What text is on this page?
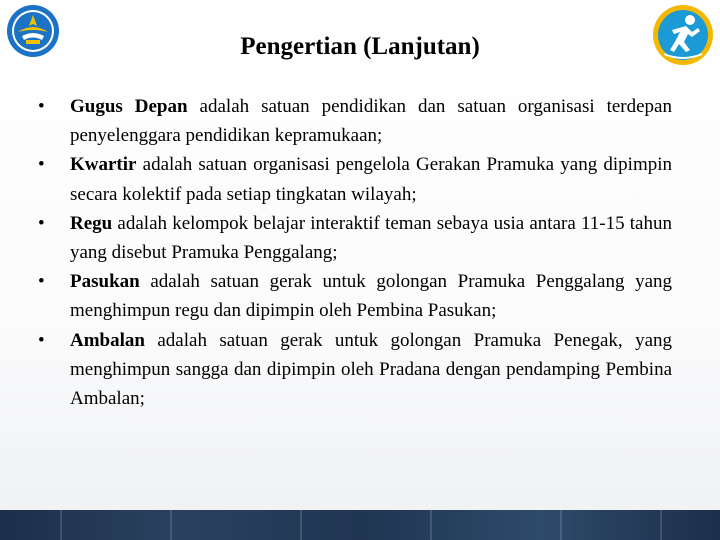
Pengertian (Lanjutan)
•	Gugus Depan adalah satuan pendidikan dan satuan organisasi terdepan penyelenggara pendidikan kepramukaan;
•	Kwartir adalah satuan organisasi pengelola Gerakan Pramuka yang dipimpin secara kolektif pada setiap tingkatan wilayah;
•	Regu adalah kelompok belajar interaktif teman sebaya usia antara 11-15 tahun yang disebut Pramuka Penggalang;
•	Pasukan adalah satuan gerak untuk golongan Pramuka Penggalang yang menghimpun regu dan dipimpin oleh Pembina Pasukan;
•	Ambalan adalah satuan gerak untuk golongan Pramuka Penegak, yang menghimpun sangga dan dipimpin oleh Pradana dengan pendamping Pembina Ambalan;
